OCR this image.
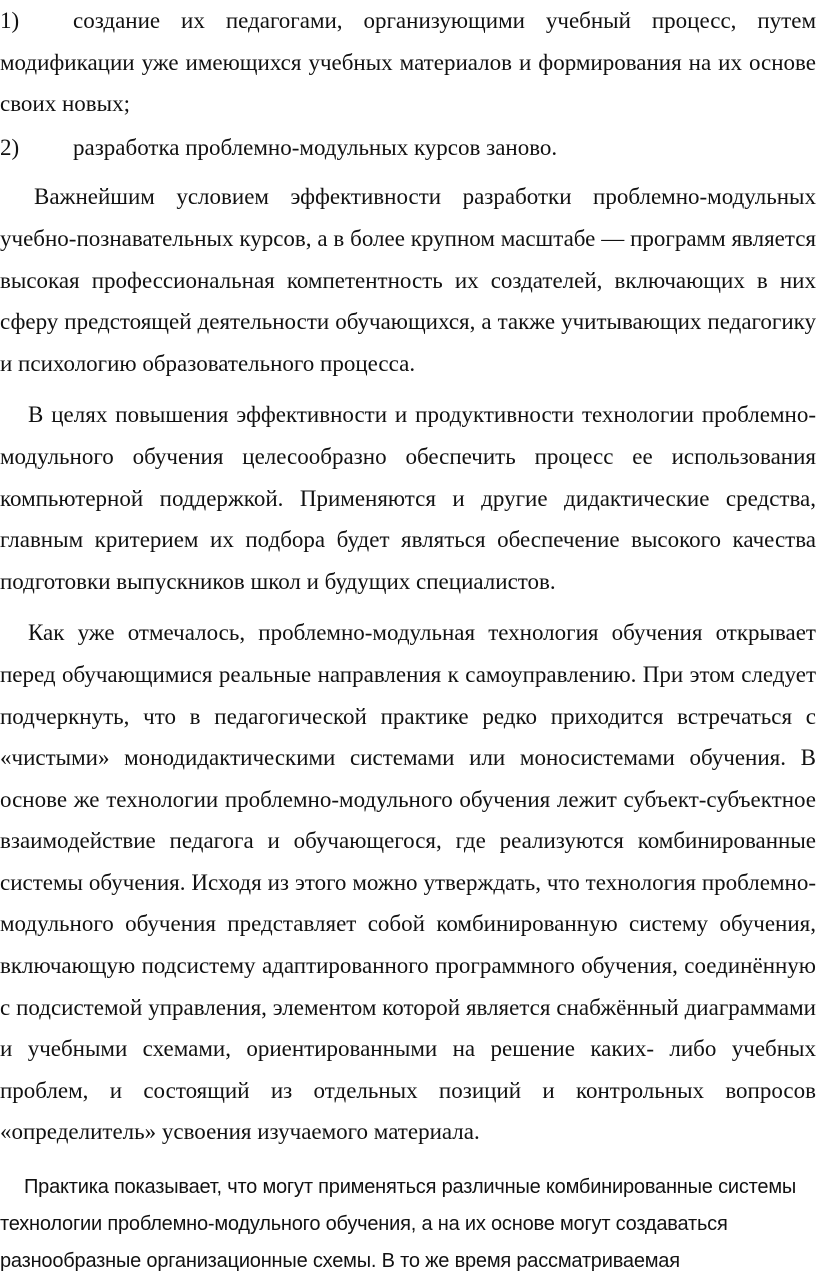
1) создание их педагогами, организующими учебный процесс, путем модификации уже имеющихся учебных материалов и формирования на их основе своих новых;

2) разработка проблемно-модульных курсов заново.

Важнейшим условием эффективности разработки проблемно-модульных учебно-познавательных курсов, а в более крупном масштабе — программ является высокая профессиональная компетентность их создателей, включающих в них сферу предстоящей деятельности обучающихся, а также учитывающих педагогику и психологию образовательного процесса.

В целях повышения эффективности и продуктивности технологии проблемно-модульного обучения целесообразно обеспечить процесс ее использования компьютерной поддержкой. Применяются и другие дидактические средства, главным критерием их подбора будет являться обеспечение высокого качества подготовки выпускников школ и будущих специалистов.

Как уже отмечалось, проблемно-модульная технология обучения открывает перед обучающимися реальные направления к самоуправлению. При этом следует подчеркнуть, что в педагогической практике редко приходится встречаться с «чистыми» монодидактическими системами или моносистемами обучения. В основе же технологии проблемно-модульного обучения лежит субъект-субъектное взаимодействие педагога и обучающегося, где реализуются комбинированные системы обучения. Исходя из этого можно утверждать, что технология проблемно-модульного обучения представляет собой комбинированную систему обучения, включающую подсистему адаптированного программного обучения, соединённую с подсистемой управления, элементом которой является снабжённый диаграммами и учебными схемами, ориентированными на решение каких- либо учебных проблем, и состоящий из отдельных позиций и контрольных вопросов «определитель» усвоения изучаемого материала.

Практика показывает, что могут применяться различные комбинированные системы технологии проблемно-модульного обучения, а на их основе могут создаваться разнообразные организационные схемы. В то же время рассматриваемая
